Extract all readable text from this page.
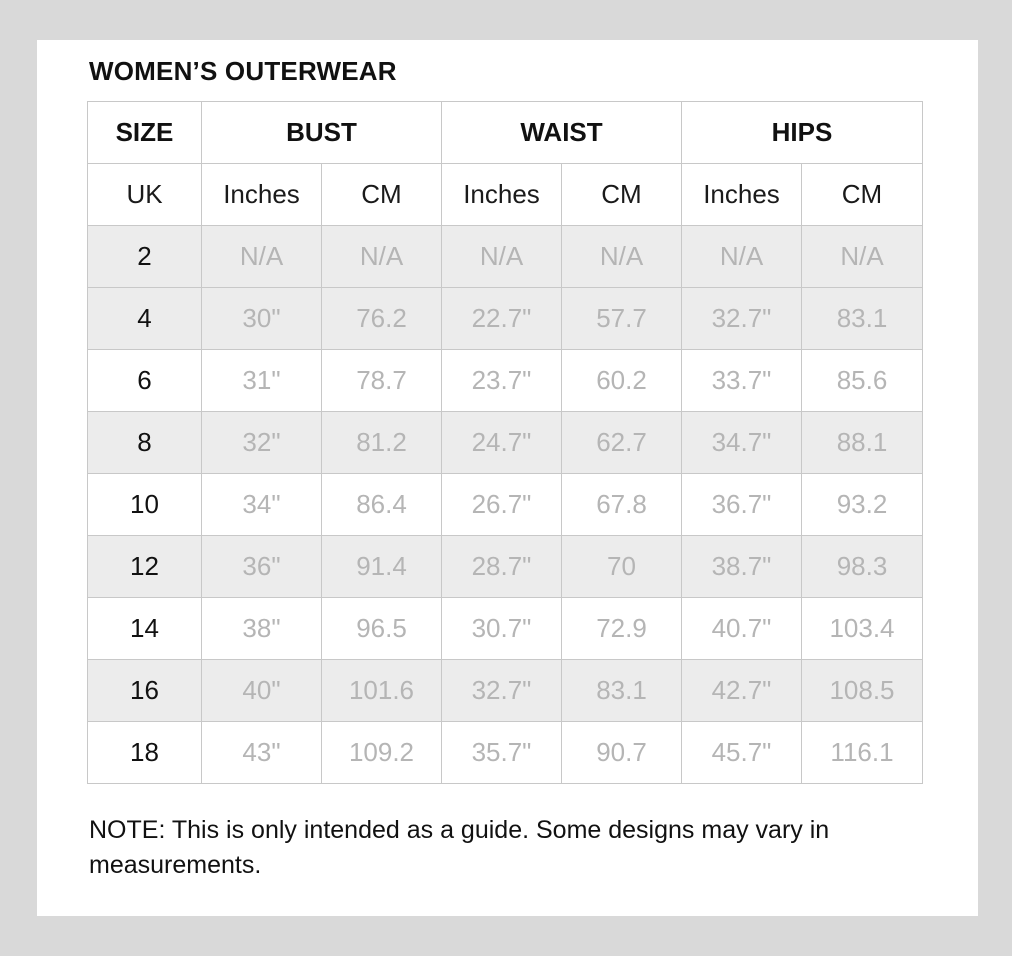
WOMEN’S OUTERWEAR
SIZE	BUST		WAIST		HIPS	
UK	Inches	CM	Inches	CM	Inches	CM
2	N/A	N/A	N/A	N/A	N/A	N/A
4	30"	76.2	22.7"	57.7	32.7"	83.1
6	31"	78.7	23.7"	60.2	33.7"	85.6
8	32"	81.2	24.7"	62.7	34.7"	88.1
10	34"	86.4	26.7"	67.8	36.7"	93.2
12	36"	91.4	28.7"	70	38.7"	98.3
14	38"	96.5	30.7"	72.9	40.7"	103.4
16	40"	101.6	32.7"	83.1	42.7"	108.5
18	43"	109.2	35.7"	90.7	45.7"	116.1
NOTE: This is only intended as a guide. Some designs may vary in measurements.
